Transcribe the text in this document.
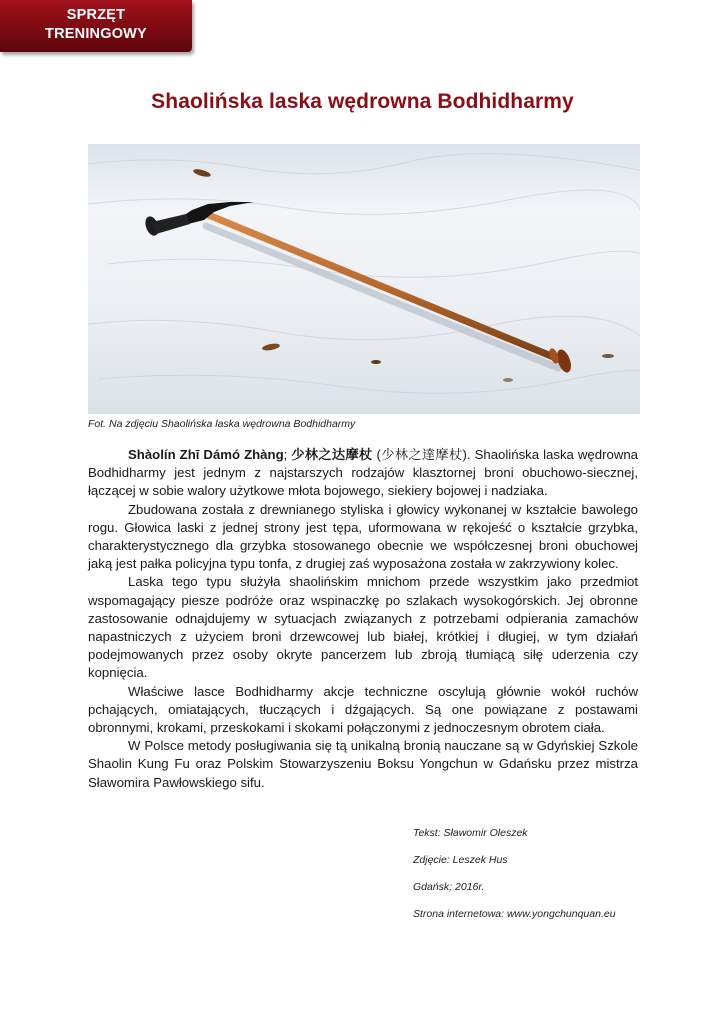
SPRZĘT
TRENINGOWY
Shaolińska laska wędrowna Bodhidharmy
Fot. Na zdjęciu Shaolińska laska wędrowna Bodhidharmy

Shàolín Zhī Dámó Zhàng; 少林之达摩杖 (少林之達摩杖). Shaolińska laska wędrowna Bodhidharmy jest jednym z najstarszych rodzajów klasztornej broni obuchowo-siecznej, łączącej w sobie walory użytkowe młota bojowego, siekiery bojowej i nadziaka.

Zbudowana została z drewnianego styliska i głowicy wykonanej w kształcie bawolego rogu. Głowica laski z jednej strony jest tępa, uformowana w rękojeść o kształcie grzybka, charakterystycznego dla grzybka stosowanego obecnie we współczesnej broni obuchowej jaką jest pałka policyjna typu tonfa, z drugiej zaś wyposażona została w zakrzywiony kolec.

Laska tego typu służyła shaolińskim mnichom przede wszystkim jako przedmiot wspomagający piesze podróże oraz wspinaczkę po szlakach wysokogórskich. Jej obronne zastosowanie odnajdujemy w sytuacjach związanych z potrzebami odpierania zamachów napastniczych z użyciem broni drzewcowej lub białej, krótkiej i długiej, w tym działań podejmowanych przez osoby okryte pancerzem lub zbroją tłumiącą siłę uderzenia czy kopnięcia.

Właściwe lasce Bodhidharmy akcje techniczne oscylują głównie wokół ruchów pchających, omiatających, tłuczących i dźgających. Są one powiązane z postawami obronnymi, krokami, przeskokami i skokami połączonymi z jednoczesnym obrotem ciała.

W Polsce metody posługiwania się tą unikalną bronią nauczane są w Gdyńskiej Szkole Shaolin Kung Fu oraz Polskim Stowarzyszeniu Boksu Yongchun w Gdańsku przez mistrza Sławomira Pawłowskiego sifu.

Tekst: Sławomir Oleszek
Zdjęcie: Leszek Hus
Gdańsk; 2016r.
Strona internetowa: www.yongchunquan.eu
